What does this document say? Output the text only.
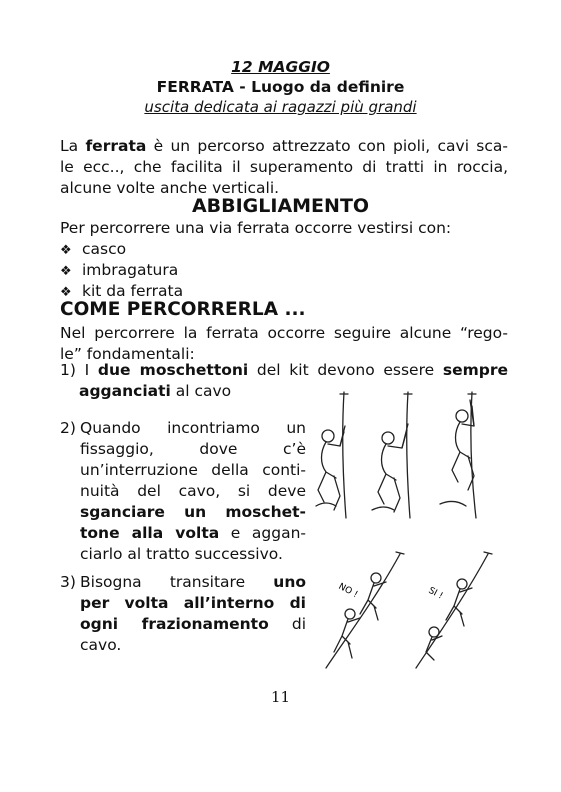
12 MAGGIO
FERRATA - Luogo da definire
uscita dedicata ai ragazzi più grandi
La ferrata è un percorso attrezzato con pioli, cavi sca-
le ecc.., che facilita il superamento di tratti in roccia,
alcune volte anche verticali.
ABBIGLIAMENTO
Per percorrere una via ferrata occorre vestirsi con:
❖ casco
❖ imbragatura
❖ kit da ferrata
COME PERCORRERLA ...
Nel percorrere la ferrata occorre seguire alcune “rego-
le” fondamentali:
1) I due moschettoni del kit devono essere sempre
agganciati al cavo
2) Quando incontriamo un
fissaggio, dove c’è
un’interruzione della conti-
nuità del cavo, si deve
sganciare un moschet-
tone alla volta e aggan-
ciarlo al tratto successivo.
3) Bisogna transitare uno
per volta all’interno di
ogni frazionamento di
cavo.
NO !	SI !
11
